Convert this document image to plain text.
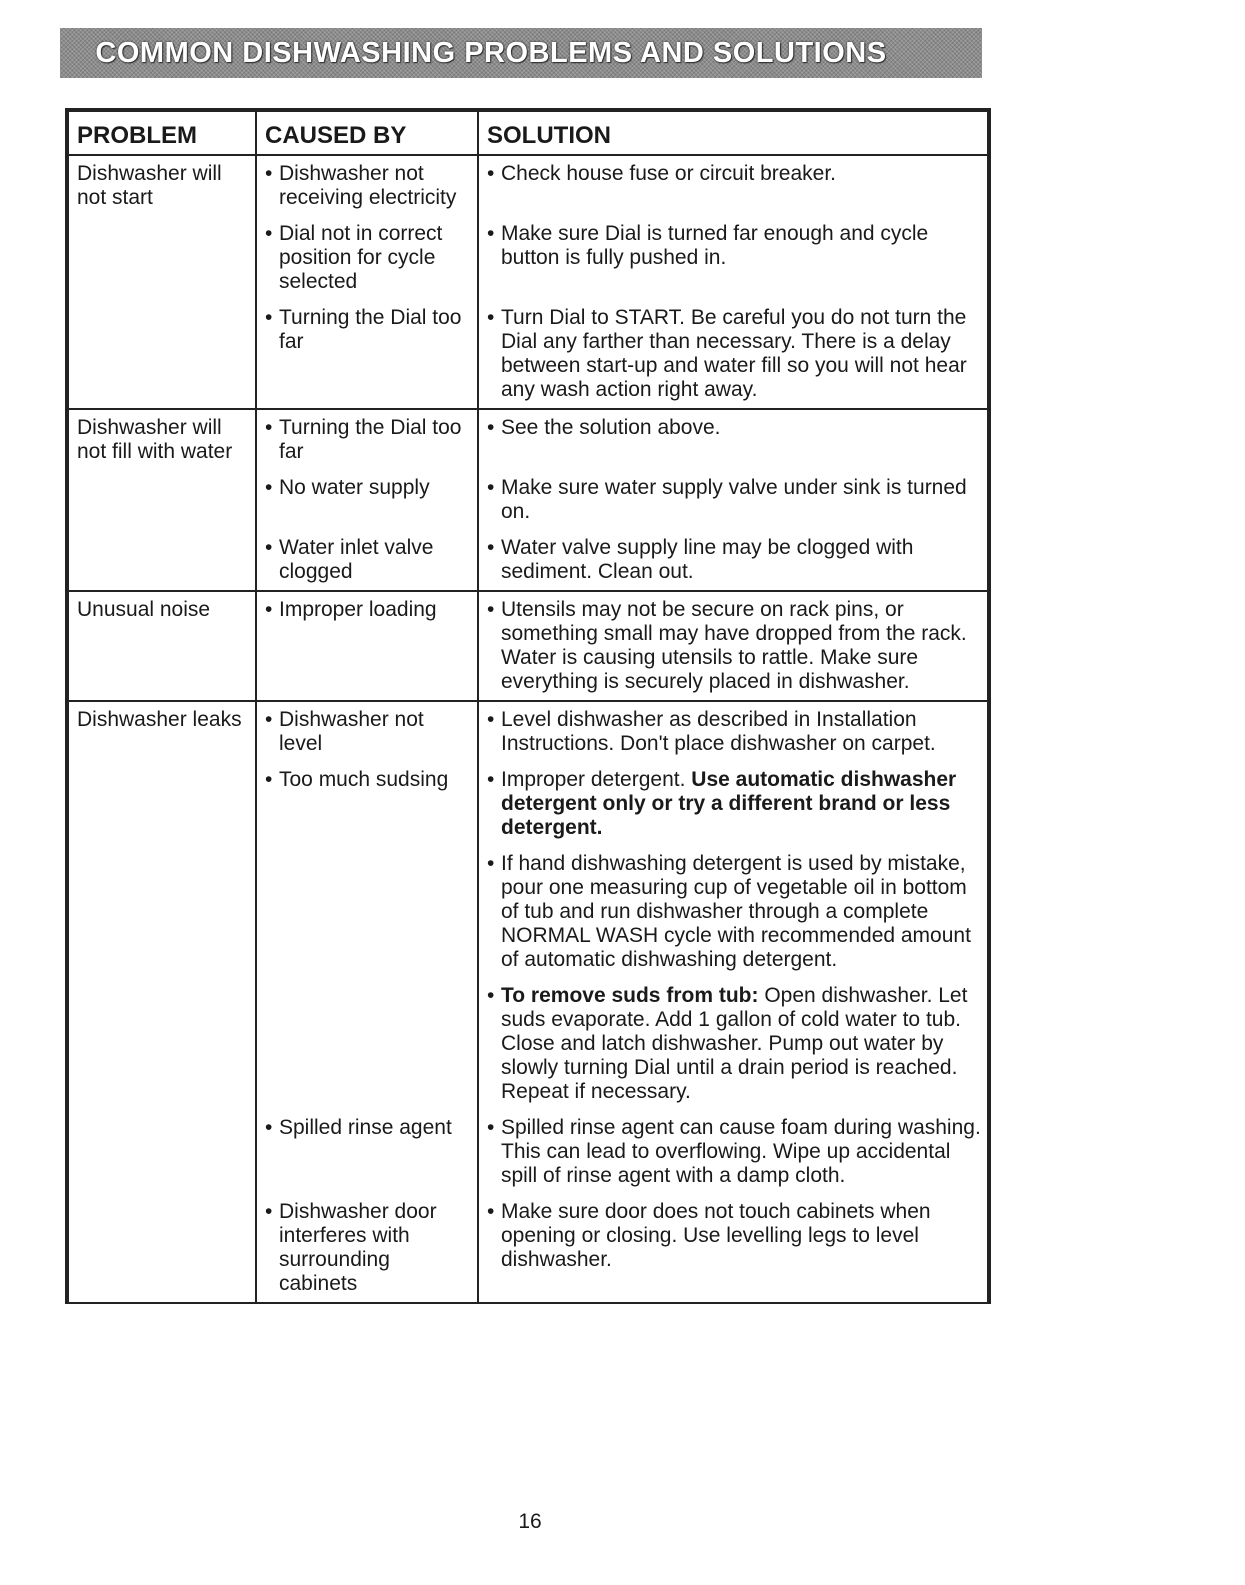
COMMON DISHWASHING PROBLEMS AND SOLUTIONS
PROBLEM	CAUSED BY	SOLUTION
Dishwasher will not start	• Dishwasher not receiving electricity	• Check house fuse or circuit breaker.

	• Dial not in correct position for cycle selected	• Make sure Dial is turned far enough and cycle button is fully pushed in.

	• Turning the Dial too far	• Turn Dial to START. Be careful you do not turn the Dial any farther than necessary. There is a delay between start-up and water fill so you will not hear any wash action right away.

Dishwasher will not fill with water	• Turning the Dial too far	• See the solution above.

	• No water supply	• Make sure water supply valve under sink is turned on.

	• Water inlet valve clogged	• Water valve supply line may be clogged with sediment. Clean out.

Unusual noise	• Improper loading	• Utensils may not be secure on rack pins, or something small may have dropped from the rack. Water is causing utensils to rattle. Make sure everything is securely placed in dishwasher.

Dishwasher leaks	• Dishwasher not level	• Level dishwasher as described in Installation Instructions. Don't place dishwasher on carpet.

	• Too much sudsing	• Improper detergent. Use automatic dishwasher detergent only or try a different brand or less detergent.

		• If hand dishwashing detergent is used by mistake, pour one measuring cup of vegetable oil in bottom of tub and run dishwasher through a complete NORMAL WASH cycle with recommended amount of automatic dishwashing detergent.

		• To remove suds from tub: Open dishwasher. Let suds evaporate. Add 1 gallon of cold water to tub. Close and latch dishwasher. Pump out water by slowly turning Dial until a drain period is reached. Repeat if necessary.

	• Spilled rinse agent	• Spilled rinse agent can cause foam during washing. This can lead to overflowing. Wipe up accidental spill of rinse agent with a damp cloth.

	• Dishwasher door interferes with surrounding cabinets	• Make sure door does not touch cabinets when opening or closing. Use levelling legs to level dishwasher.
16
